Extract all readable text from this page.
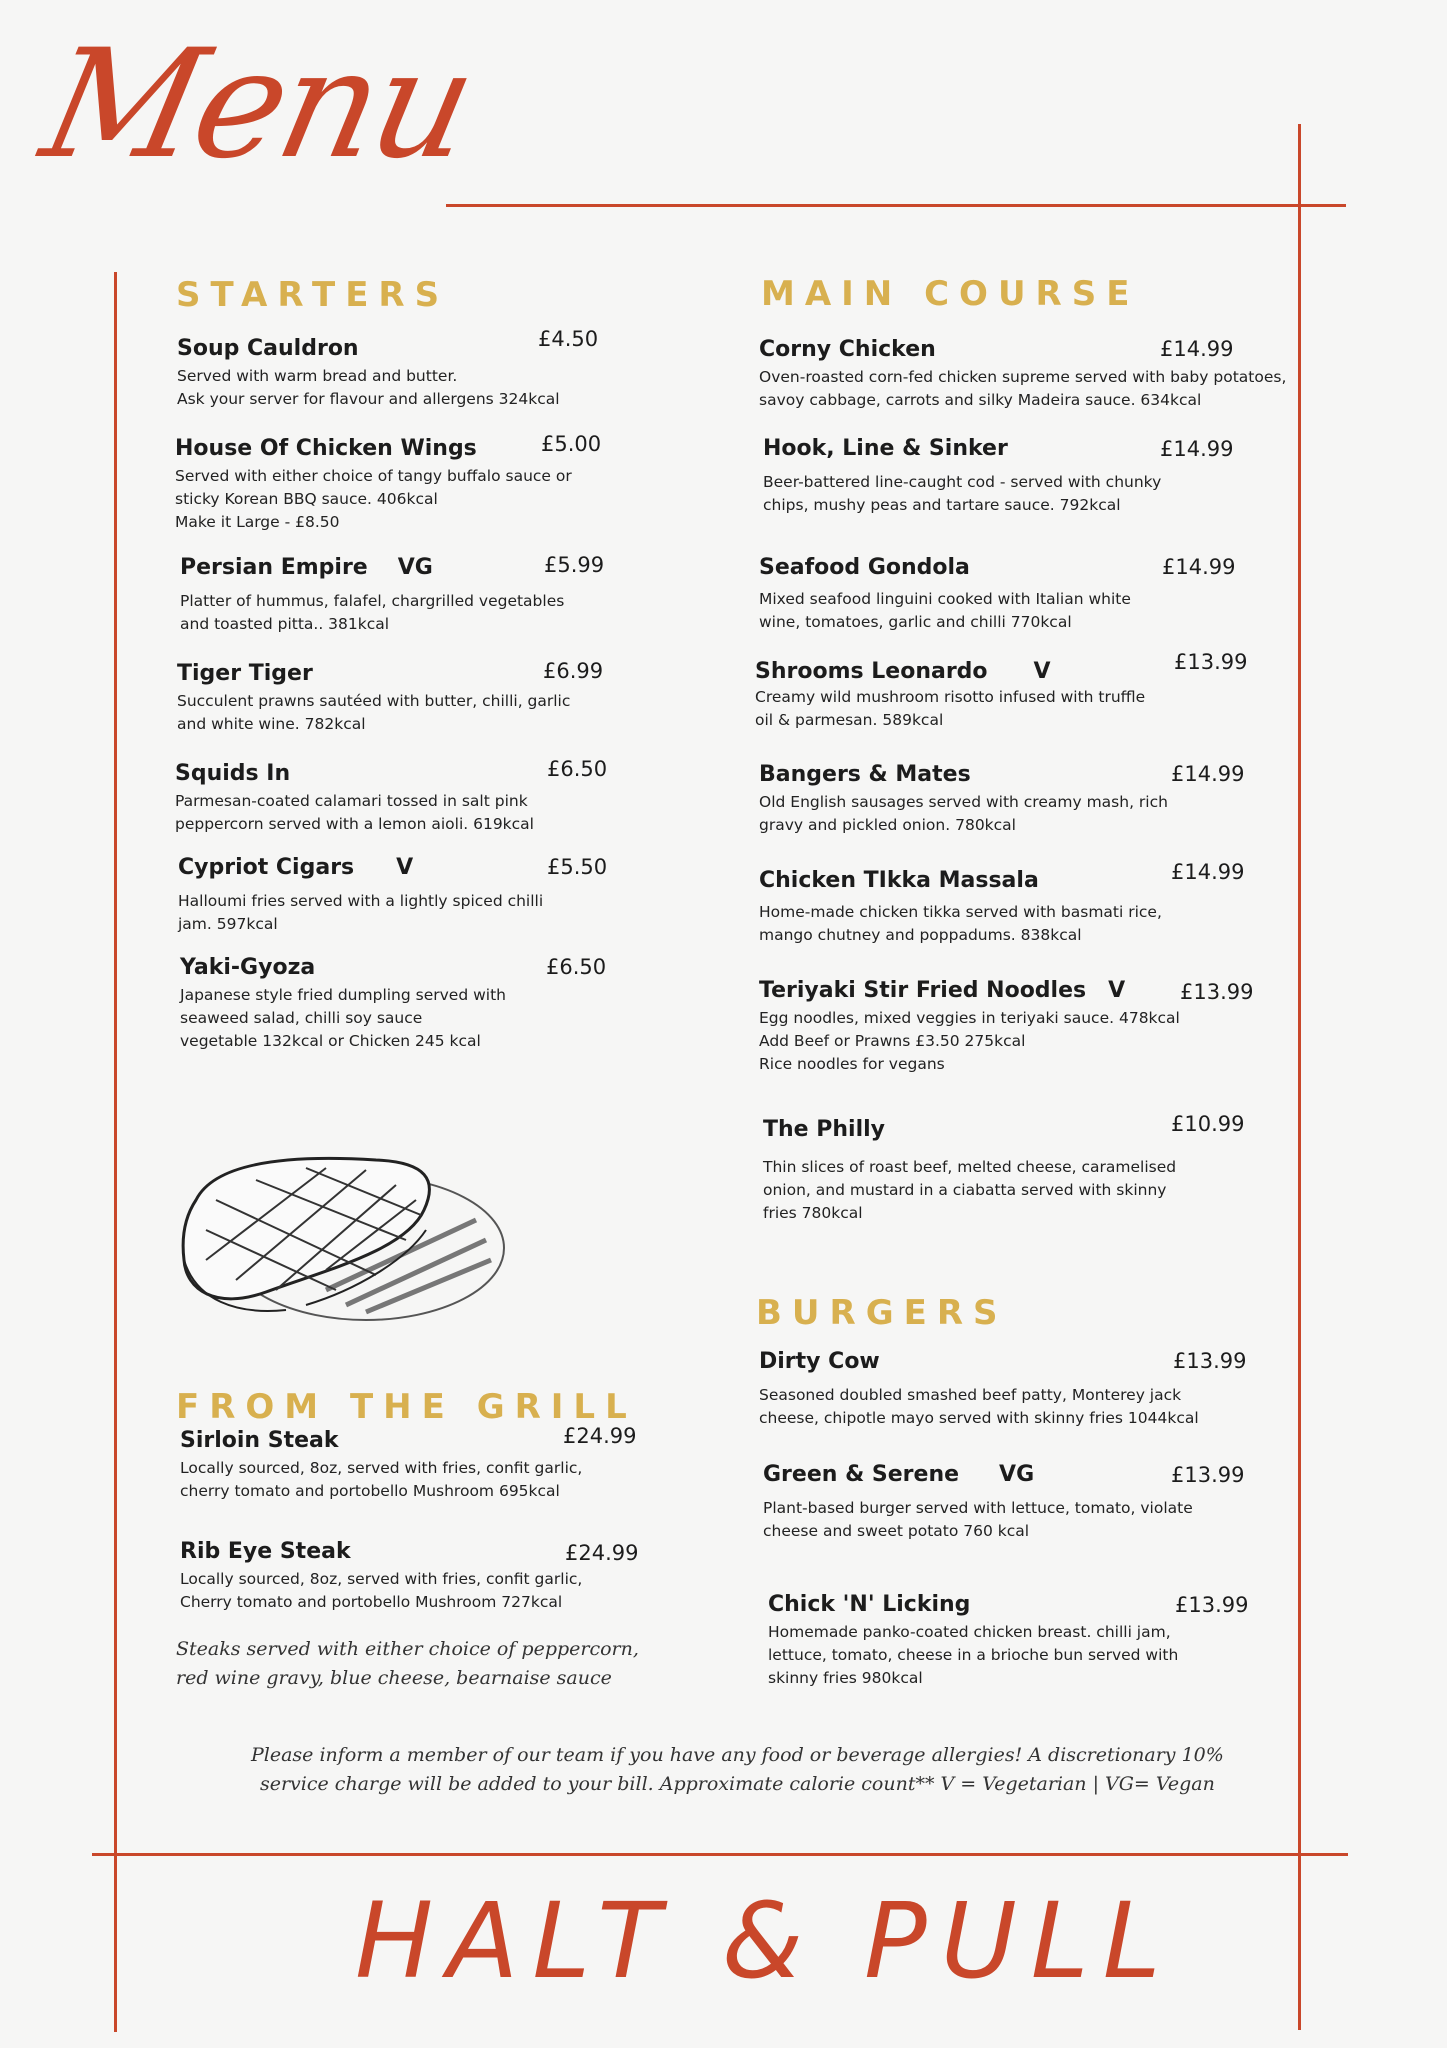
Menu
STARTERS
Soup Cauldron
Served with warm bread and butter.
Ask your server for flavour and allergens 324kcal
£4.50
House Of Chicken Wings
Served with either choice of tangy buffalo sauce or
sticky Korean BBQ sauce. 406kcal
Make it Large - £8.50
£5.00
Persian Empire VG
Platter of hummus, falafel, chargrilled vegetables
and toasted pitta.. 381kcal
£5.99
Tiger Tiger
Succulent prawns sautéed with butter, chilli, garlic
and white wine. 782kcal
£6.99
Squids In
Parmesan-coated calamari tossed in salt pink
peppercorn served with a lemon aioli. 619kcal
£6.50
Cypriot Cigars V
Halloumi fries served with a lightly spiced chilli
jam. 597kcal
£5.50
Yaki-Gyoza
Japanese style fried dumpling served with
seaweed salad, chilli soy sauce
vegetable 132kcal or Chicken 245 kcal
£6.50
FROM THE GRILL
Sirloin Steak
Locally sourced, 8oz, served with fries, confit garlic,
cherry tomato and portobello Mushroom 695kcal
£24.99
Rib Eye Steak
Locally sourced, 8oz, served with fries, confit garlic,
Cherry tomato and portobello Mushroom 727kcal
£24.99
Steaks served with either choice of peppercorn,
red wine gravy, blue cheese, bearnaise sauce
MAIN COURSE
Corny Chicken
Oven-roasted corn-fed chicken supreme served with baby potatoes,
savoy cabbage, carrots and silky Madeira sauce. 634kcal
£14.99
Hook, Line & Sinker
Beer-battered line-caught cod - served with chunky
chips, mushy peas and tartare sauce. 792kcal
£14.99
Seafood Gondola
Mixed seafood linguini cooked with Italian white
wine, tomatoes, garlic and chilli 770kcal
£14.99
Shrooms Leonardo V
Creamy wild mushroom risotto infused with truffle
oil & parmesan. 589kcal
£13.99
Bangers & Mates
Old English sausages served with creamy mash, rich
gravy and pickled onion. 780kcal
£14.99
Chicken TIkka Massala
Home-made chicken tikka served with basmati rice,
mango chutney and poppadums. 838kcal
£14.99
Teriyaki Stir Fried Noodles V
Egg noodles, mixed veggies in teriyaki sauce. 478kcal
Add Beef or Prawns £3.50 275kcal
Rice noodles for vegans
£13.99
The Philly
Thin slices of roast beef, melted cheese, caramelised
onion, and mustard in a ciabatta served with skinny
fries 780kcal
£10.99
BURGERS
Dirty Cow
Seasoned doubled smashed beef patty, Monterey jack
cheese, chipotle mayo served with skinny fries 1044kcal
£13.99
Green & Serene VG
Plant-based burger served with lettuce, tomato, violate
cheese and sweet potato 760 kcal
£13.99
Chick 'N' Licking
Homemade panko-coated chicken breast. chilli jam,
lettuce, tomato, cheese in a brioche bun served with
skinny fries 980kcal
£13.99
Please inform a member of our team if you have any food or beverage allergies! A discretionary 10%
service charge will be added to your bill. Approximate calorie count** V = Vegetarian | VG= Vegan
HALT & PULL
